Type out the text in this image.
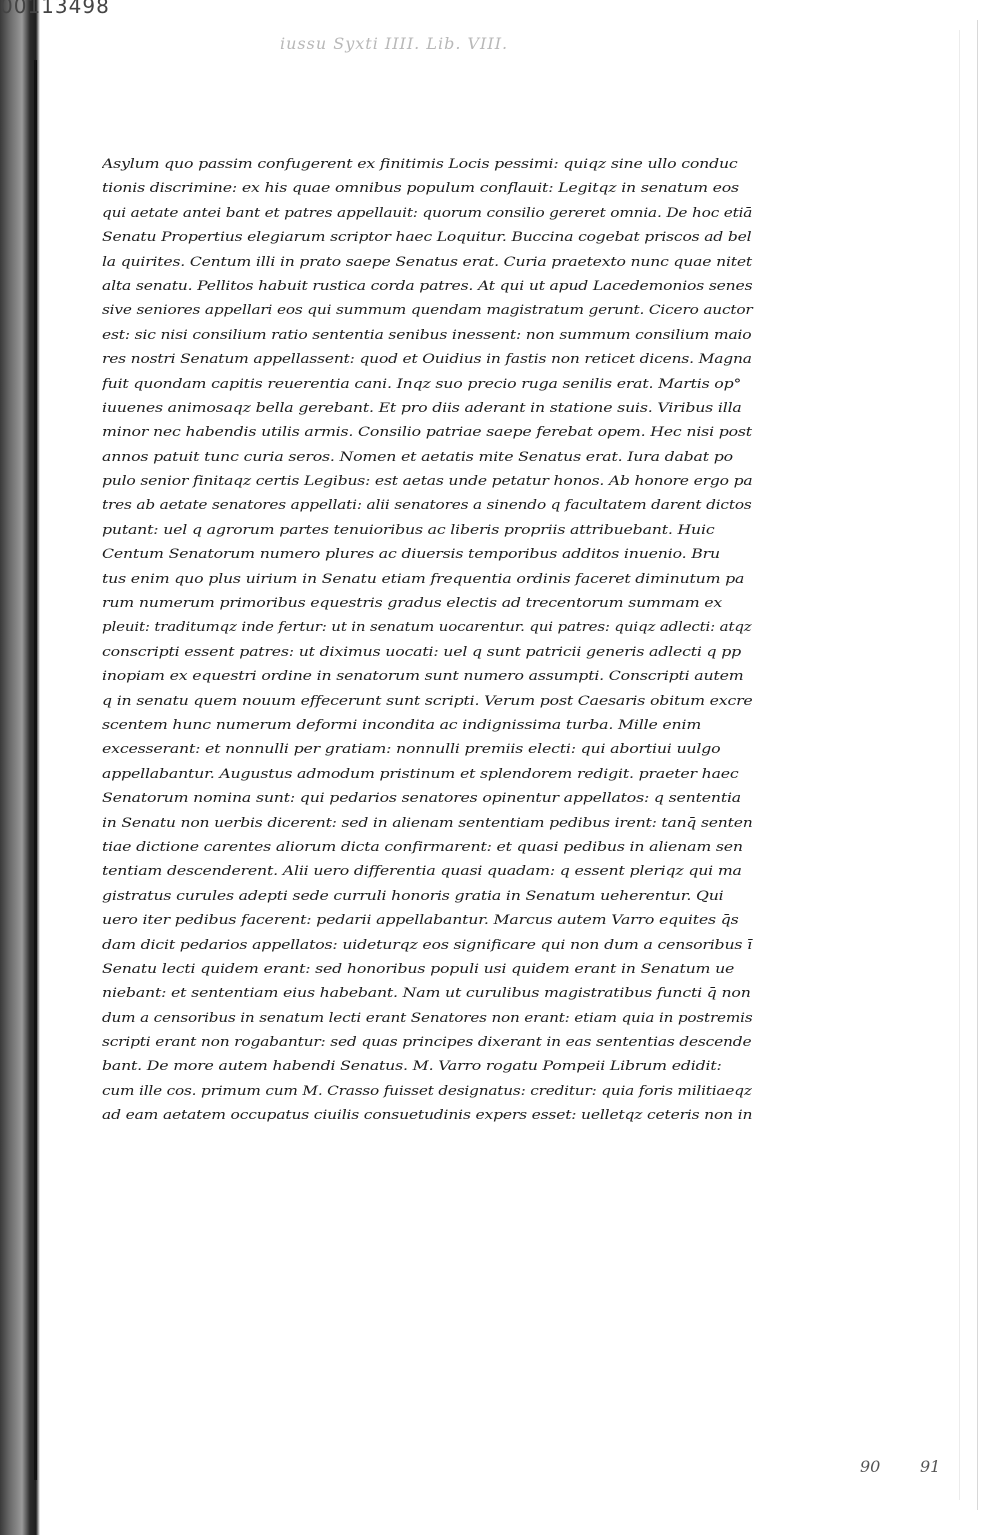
00113498
iussu Syxti IIII. Lib. VIII.
Asylum quo passim confugerent ex finitimis Locis pessimi: quiqz sine ullo conduc
tionis discrimine: ex his quae omnibus populum conflauit: Legitqz in senatum eos
qui aetate antei bant et patres appellauit: quorum consilio gereret omnia. De hoc etiā
Senatu Propertius elegiarum scriptor haec Loquitur. Buccina cogebat priscos ad bel
la quirites. Centum illi in prato saepe Senatus erat. Curia praetexto nunc quae nitet
alta senatu. Pellitos habuit rustica corda patres. At qui ut apud Lacedemonios senes
sive seniores appellari eos qui summum quendam magistratum gerunt. Cicero auctor
est: sic nisi consilium ratio sententia senibus inessent: non summum consilium maio
res nostri Senatum appellassent: quod et Ouidius in fastis non reticet dicens. Magna
fuit quondam capitis reuerentia cani. Inqz suo precio ruga senilis erat. Martis op°
iuuenes animosaqz bella gerebant. Et pro diis aderant in statione suis. Viribus illa
minor nec habendis utilis armis. Consilio patriae saepe ferebat opem. Hec nisi post
annos patuit tunc curia seros. Nomen et aetatis mite Senatus erat. Iura dabat po
pulo senior finitaqz certis Legibus: est aetas unde petatur honos. Ab honore ergo pa
tres ab aetate senatores appellati: alii senatores a sinendo q facultatem darent dictos
putant: uel q agrorum partes tenuioribus ac liberis propriis attribuebant. Huic
Centum Senatorum numero plures ac diuersis temporibus additos inuenio. Bru
tus enim quo plus uirium in Senatu etiam frequentia ordinis faceret diminutum pa
rum numerum primoribus equestris gradus electis ad trecentorum summam ex
pleuit: traditumqz inde fertur: ut in senatum uocarentur. qui patres: quiqz adlecti: atqz
conscripti essent patres: ut diximus uocati: uel q sunt patricii generis adlecti q pp
inopiam ex equestri ordine in senatorum sunt numero assumpti. Conscripti autem
q in senatu quem nouum effecerunt sunt scripti. Verum post Caesaris obitum excre
scentem hunc numerum deformi incondita ac indignissima turba. Mille enim
excesserant: et nonnulli per gratiam: nonnulli premiis electi: qui abortiui uulgo
appellabantur. Augustus admodum pristinum et splendorem redigit. praeter haec
Senatorum nomina sunt: qui pedarios senatores opinentur appellatos: q sententia
in Senatu non uerbis dicerent: sed in alienam sententiam pedibus irent: tanq̄ senten
tiae dictione carentes aliorum dicta confirmarent: et quasi pedibus in alienam sen
tentiam descenderent. Alii uero differentia quasi quadam: q essent pleriqz qui ma
gistratus curules adepti sede curruli honoris gratia in Senatum ueherentur. Qui
uero iter pedibus facerent: pedarii appellabantur. Marcus autem Varro equites q̄s
dam dicit pedarios appellatos: uideturqz eos significare qui non dum a censoribus ī
Senatu lecti quidem erant: sed honoribus populi usi quidem erant in Senatum ue
niebant: et sententiam eius habebant. Nam ut curulibus magistratibus functi q̄ non
dum a censoribus in senatum lecti erant Senatores non erant: etiam quia in postremis
scripti erant non rogabantur: sed quas principes dixerant in eas sententias descende
bant. De more autem habendi Senatus. M. Varro rogatu Pompeii Librum edidit:
cum ille cos. primum cum M. Crasso fuisset designatus: creditur: quia foris militiaeqz
ad eam aetatem occupatus ciuilis consuetudinis expers esset: uelletqz ceteris non in
90 91
